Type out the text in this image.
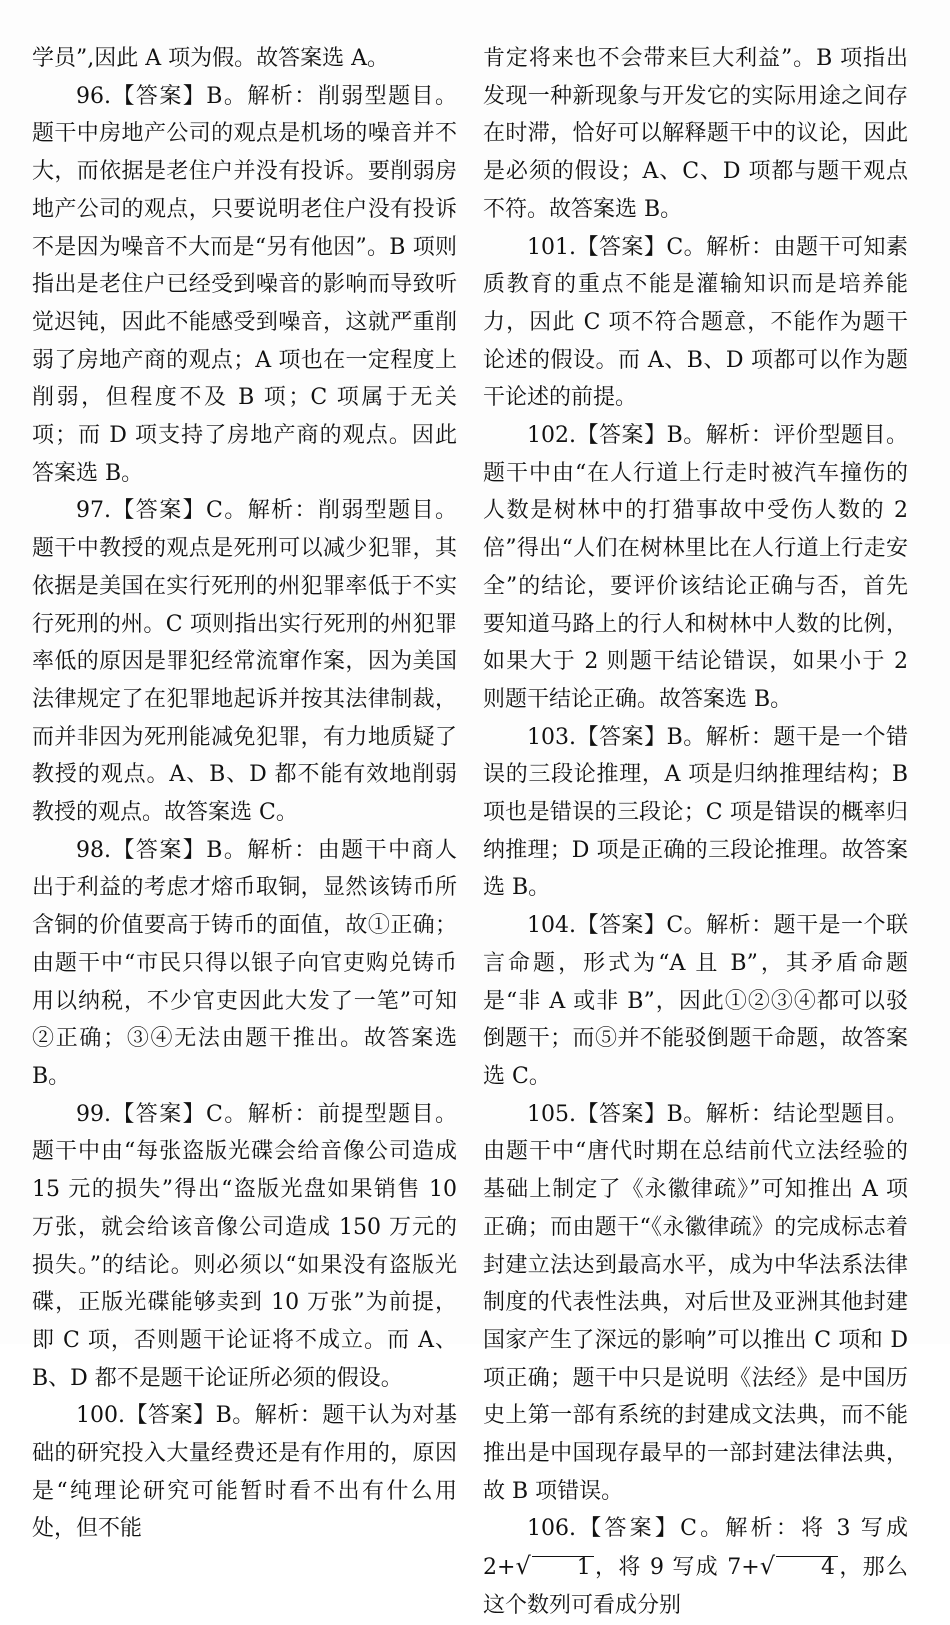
学员”,因此 A 项为假。故答案选 A。

96.【答案】B。解析：削弱型题目。题干中房地产公司的观点是机场的噪音并不大，而依据是老住户并没有投诉。要削弱房地产公司的观点，只要说明老住户没有投诉不是因为噪音不大而是“另有他因”。B 项则指出是老住户已经受到噪音的影响而导致听觉迟钝，因此不能感受到噪音，这就严重削弱了房地产商的观点；A 项也在一定程度上削弱，但程度不及 B 项；C 项属于无关项；而 D 项支持了房地产商的观点。因此答案选 B。

97.【答案】C。解析：削弱型题目。题干中教授的观点是死刑可以减少犯罪，其依据是美国在实行死刑的州犯罪率低于不实行死刑的州。C 项则指出实行死刑的州犯罪率低的原因是罪犯经常流窜作案，因为美国法律规定了在犯罪地起诉并按其法律制裁，而并非因为死刑能减免犯罪，有力地质疑了教授的观点。A、B、D 都不能有效地削弱教授的观点。故答案选 C。

98.【答案】B。解析：由题干中商人出于利益的考虑才熔币取铜，显然该铸币所含铜的价值要高于铸币的面值，故①正确；由题干中“市民只得以银子向官吏购兑铸币用以纳税，不少官吏因此大发了一笔”可知②正确；③④无法由题干推出。故答案选 B。

99.【答案】C。解析：前提型题目。题干中由“每张盗版光碟会给音像公司造成 15 元的损失”得出“盗版光盘如果销售 10 万张，就会给该音像公司造成 150 万元的损失。”的结论。则必须以“如果没有盗版光碟，正版光碟能够卖到 10 万张”为前提，即 C 项，否则题干论证将不成立。而 A、B、D 都不是题干论证所必须的假设。

100.【答案】B。解析：题干认为对基础的研究投入大量经费还是有作用的，原因是“纯理论研究可能暂时看不出有什么用处，但不能

肯定将来也不会带来巨大利益”。B 项指出发现一种新现象与开发它的实际用途之间存在时滞，恰好可以解释题干中的议论，因此是必须的假设；A、C、D 项都与题干观点不符。故答案选 B。

101.【答案】C。解析：由题干可知素质教育的重点不能是灌输知识而是培养能力，因此 C 项不符合题意，不能作为题干论述的假设。而 A、B、D 项都可以作为题干论述的前提。

102.【答案】B。解析：评价型题目。题干中由“在人行道上行走时被汽车撞伤的人数是树林中的打猎事故中受伤人数的 2 倍”得出“人们在树林里比在人行道上行走安全”的结论，要评价该结论正确与否，首先要知道马路上的行人和树林中人数的比例，如果大于 2 则题干结论错误，如果小于 2 则题干结论正确。故答案选 B。

103.【答案】B。解析：题干是一个错误的三段论推理，A 项是归纳推理结构；B 项也是错误的三段论；C 项是错误的概率归纳推理；D 项是正确的三段论推理。故答案选 B。

104.【答案】C。解析：题干是一个联言命题，形式为“A 且 B”，其矛盾命题是“非 A 或非 B”，因此①②③④都可以驳倒题干；而⑤并不能驳倒题干命题，故答案选 C。

105.【答案】B。解析：结论型题目。由题干中“唐代时期在总结前代立法经验的基础上制定了《永徽律疏》”可知推出 A 项正确；而由题干“《永徽律疏》的完成标志着封建立法达到最高水平，成为中华法系法律制度的代表性法典，对后世及亚洲其他封建国家产生了深远的影响”可以推出 C 项和 D 项正确；题干中只是说明《法经》是中国历史上第一部有系统的封建成文法典，而不能推出是中国现存最早的一部封建法律法典，故 B 项错误。

106.【答案】C。解析：将 3 写成 2+√ 1 ，将 9 写成 7+√ 4 ，那么这个数列可看成分别
